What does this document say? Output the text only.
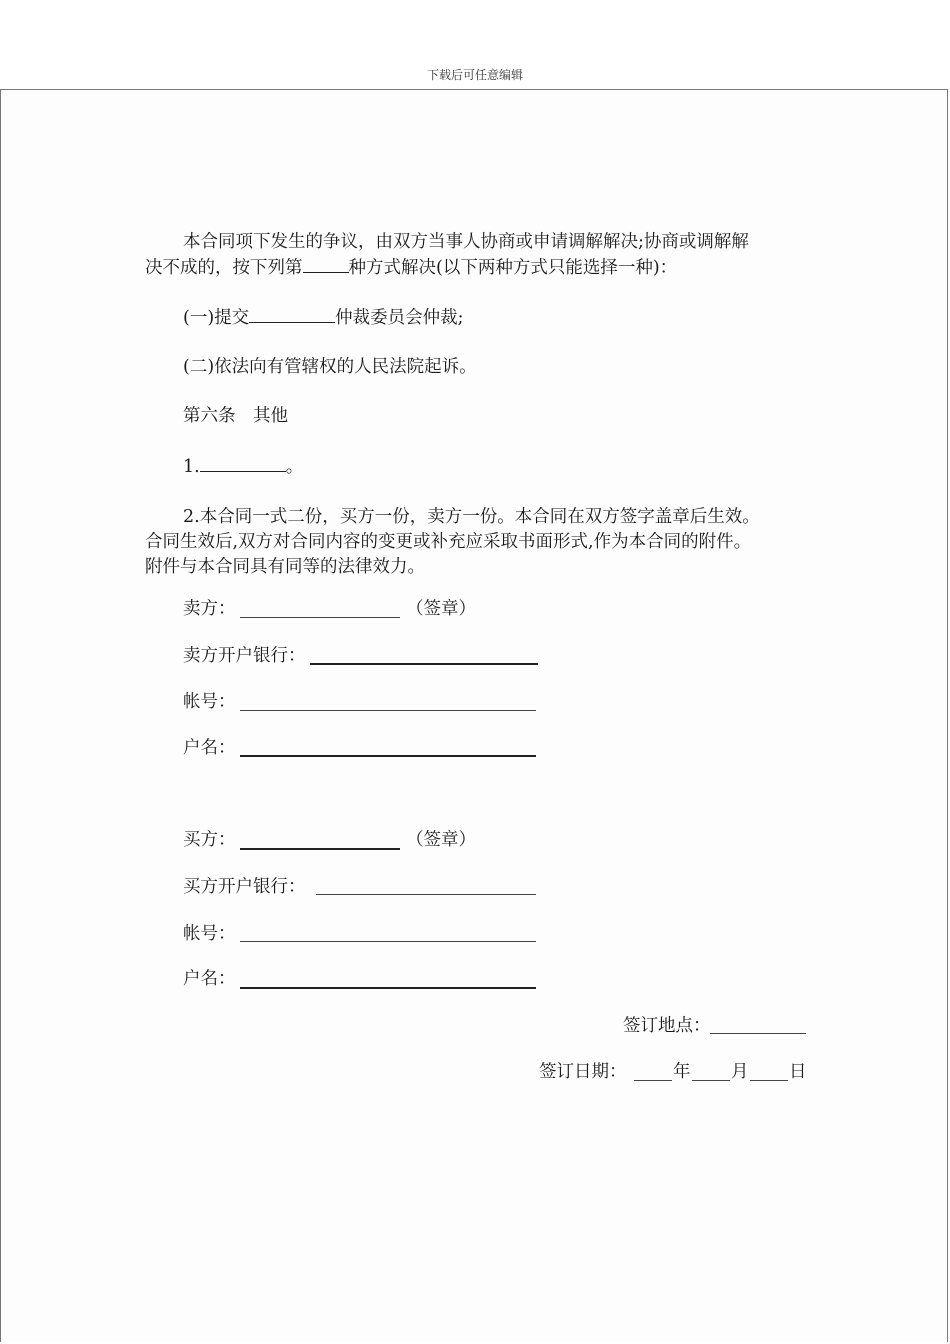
下载后可任意编辑
本合同项下发生的争议，由双方当事人协商或申请调解解决;协商或调解解
决不成的，按下列第	种方式解决(以下两种方式只能选择一种)：
(一)提交	仲裁委员会仲裁;
(二)依法向有管辖权的人民法院起诉。
第六条　其他
1.	。
2.本合同一式二份，买方一份，卖方一份。本合同在双方签字盖章后生效。
合同生效后,双方对合同内容的变更或补充应采取书面形式,作为本合同的附件。
附件与本合同具有同等的法律效力。
卖方：	（签章）
卖方开户银行：
帐号：
户名：
买方：	（签章）
买方开户银行：
帐号：
户名：
签订地点：
签订日期：	年 月 日
